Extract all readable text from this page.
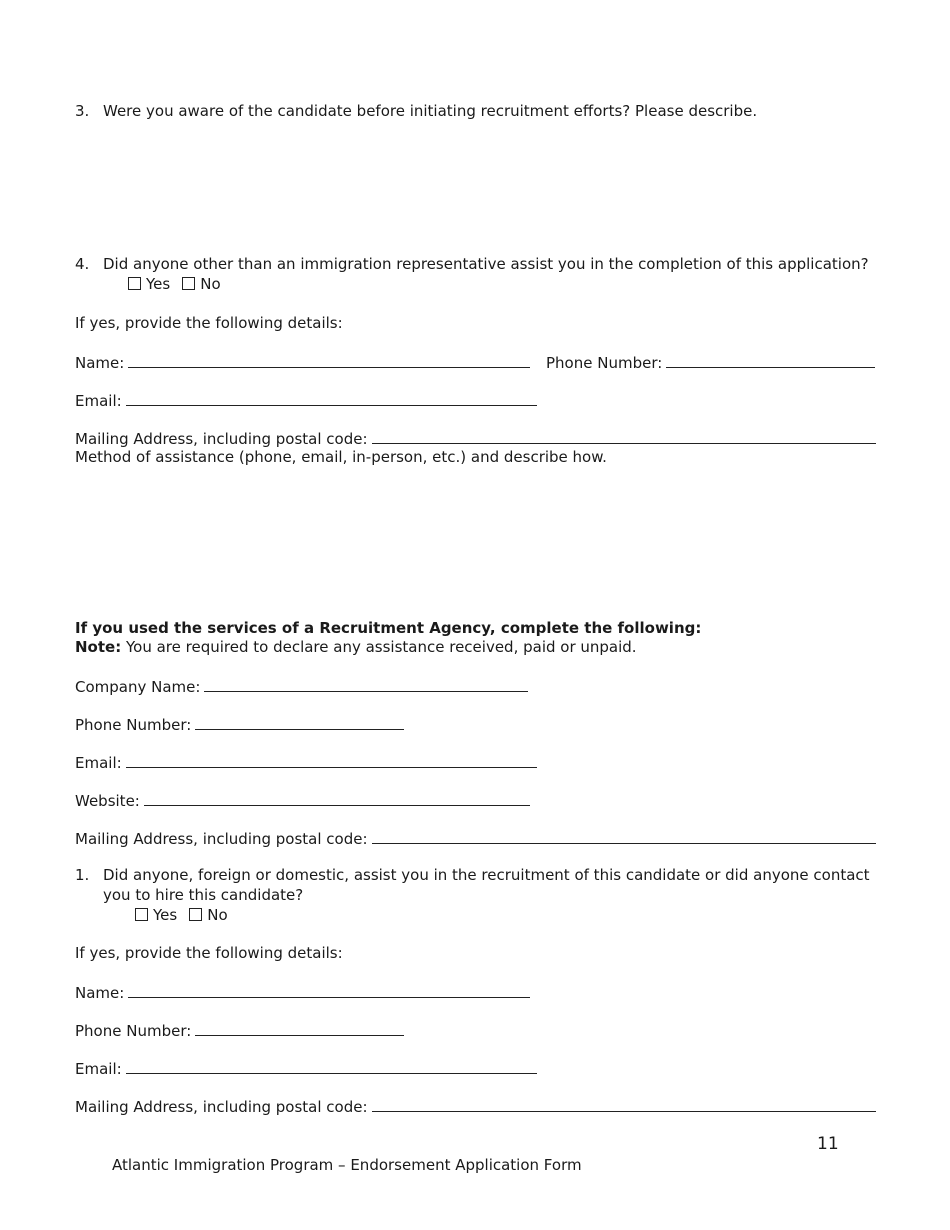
3. Were you aware of the candidate before initiating recruitment efforts? Please describe.
4. Did anyone other than an immigration representative assist you in the completion of this application?
Yes No
If yes, provide the following details:
Name:	Phone Number:
Email:
Mailing Address, including postal code:
Method of assistance (phone, email, in-person, etc.) and describe how.
If you used the services of a Recruitment Agency, complete the following:
Note: You are required to declare any assistance received, paid or unpaid.
Company Name:
Phone Number:
Email:
Website:
Mailing Address, including postal code:
1. Did anyone, foreign or domestic, assist you in the recruitment of this candidate or did anyone contact
you to hire this candidate?
Yes No
If yes, provide the following details:
Name:
Phone Number:
Email:
Mailing Address, including postal code:
11
Atlantic Immigration Program – Endorsement Application Form
